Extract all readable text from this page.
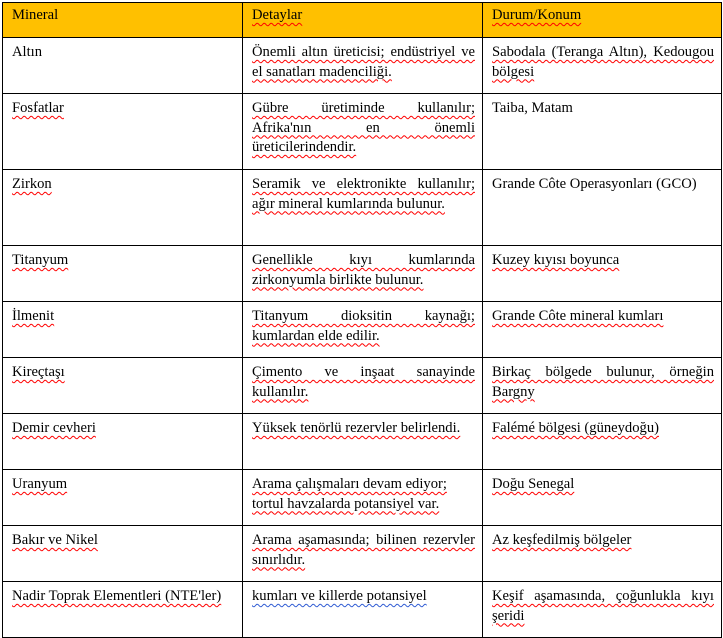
Mineral	Detaylar	Durum/Konum
Altın	Önemli altın üreticisi; endüstriyel ve el sanatları madenciliği.	Sabodala (Teranga Altın), Kedougou bölgesi
Fosfatlar	Gübre üretiminde kullanılır; Afrika'nın en önemli üreticilerindendir.	Taiba, Matam
Zirkon	Seramik ve elektronikte kullanılır; ağır mineral kumlarında bulunur.	Grande Côte Operasyonları (GCO)
Titanyum	Genellikle kıyı kumlarında zirkonyumla birlikte bulunur.	Kuzey kıyısı boyunca
İlmenit	Titanyum dioksitin kaynağı; kumlardan elde edilir.	Grande Côte mineral kumları
Kireçtaşı	Çimento ve inşaat sanayinde kullanılır.	Birkaç bölgede bulunur, örneğin Bargny
Demir cevheri	Yüksek tenörlü rezervler belirlendi.	Falémé bölgesi (güneydoğu)
Uranyum	Arama çalışmaları devam ediyor; tortul havzalarda potansiyel var.	Doğu Senegal
Bakır ve Nikel	Arama aşamasında; bilinen rezervler sınırlıdır.	Az keşfedilmiş bölgeler
Nadir Toprak Elementleri (NTE'ler)	kumları ve killerde potansiyel	Keşif aşamasında, çoğunlukla kıyı şeridi
